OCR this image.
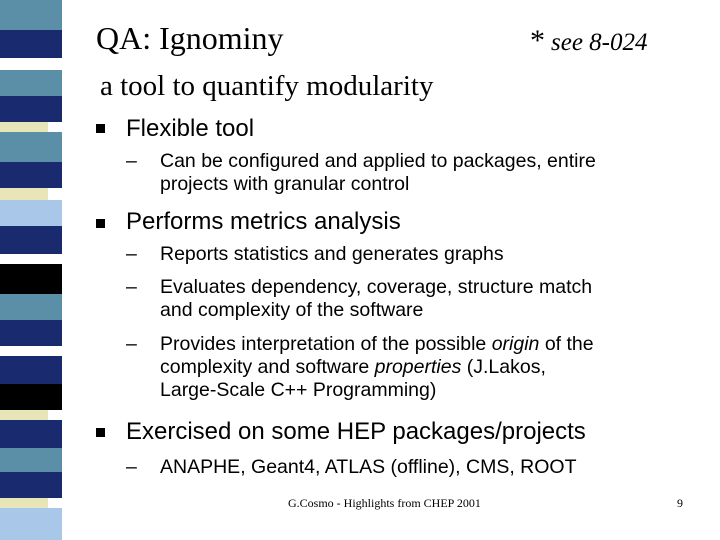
QA: Ignominy	* see 8-024
a tool to quantify modularity
Flexible tool
– Can be configured and applied to packages, entire
projects with granular control
Performs metrics analysis
– Reports statistics and generates graphs
– Evaluates dependency, coverage, structure match
and complexity of the software
– Provides interpretation of the possible origin of the
complexity and software properties (J.Lakos,
Large-Scale C++ Programming)
Exercised on some HEP packages/projects
– ANAPHE, Geant4, ATLAS (offline), CMS, ROOT
G.Cosmo - Highlights from CHEP 2001	9
